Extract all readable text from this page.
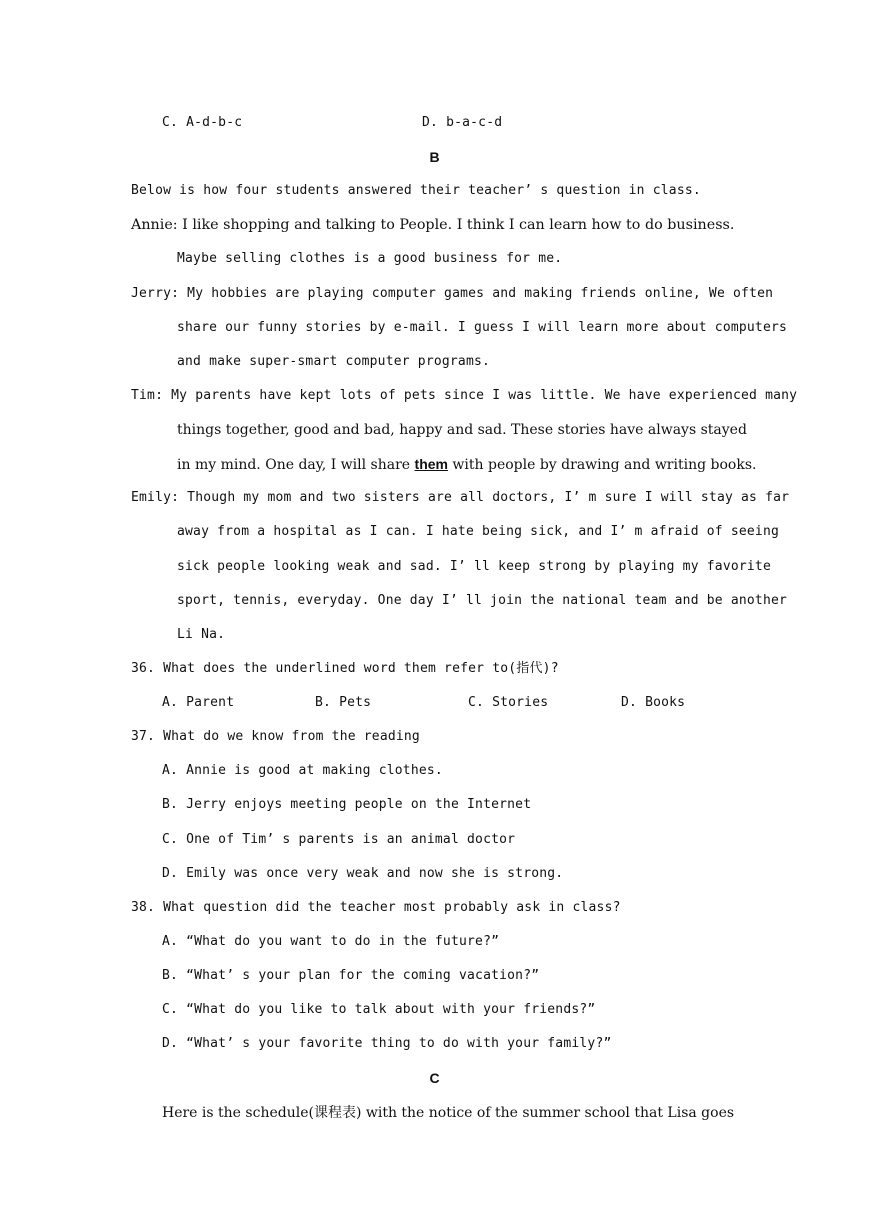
C. A-d-b-c	D. b-a-c-d
B
Below is how four students answered their teacher’ s question in class.
Annie: I like shopping and talking to People. I think I can learn how to do business.
Maybe selling clothes is a good business for me.
Jerry: My hobbies are playing computer games and making friends online, We often
share our funny stories by e-mail. I guess I will learn more about computers
and make super-smart computer programs.
Tim: My parents have kept lots of pets since I was little. We have experienced many
things together, good and bad, happy and sad. These stories have always stayed
in my mind. One day, I will share them with people by drawing and writing books.
Emily: Though my mom and two sisters are all doctors, I’ m sure I will stay as far
away from a hospital as I can. I hate being sick, and I’ m afraid of seeing
sick people looking weak and sad. I’ ll keep strong by playing my favorite
sport, tennis, everyday. One day I’ ll join the national team and be another
Li Na.
36. What does the underlined word them refer to(指代)?
A. Parent	B. Pets	C. Stories	D. Books
37. What do we know from the reading
A. Annie is good at making clothes.
B. Jerry enjoys meeting people on the Internet
C. One of Tim’ s parents is an animal doctor
D. Emily was once very weak and now she is strong.
38. What question did the teacher most probably ask in class?
A. “What do you want to do in the future?”
B. “What’ s your plan for the coming vacation?”
C. “What do you like to talk about with your friends?”
D. “What’ s your favorite thing to do with your family?”
C
Here is the schedule(课程表) with the notice of the summer school that Lisa goes
